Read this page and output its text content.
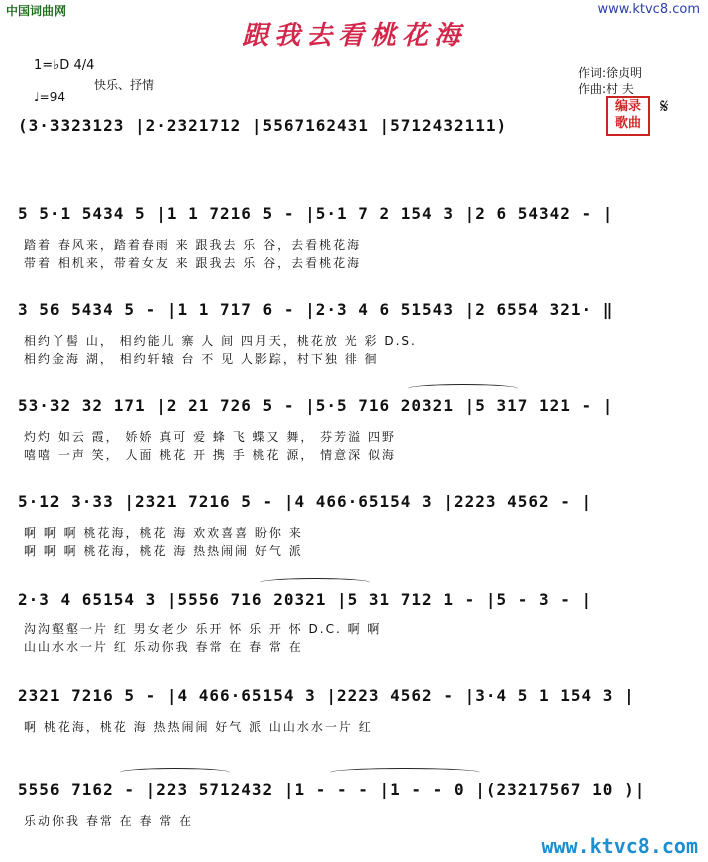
中国词曲网	www.ktvc8.com
跟我去看桃花海
1=♭D 4/4
♩=94
快乐、抒情
作词:徐贞明
作曲:村 夫
编录 歌曲
𝄋
(3·3323123 |2·2321712 |5567162431 |5712432111)
5 5·1 5434 5 |1 1 7216 5 - |5·1 7 2 154 3 |2 6 54342 - |
踏着 春风来，踏着春雨 来 跟我去 乐 谷，去看桃花海
带着 相机来，带着女友 来 跟我去 乐 谷，去看桃花海
3 56 5434 5 - |1 1 717 6 - |2·3 4 6 51543 |2 6554 321· ‖
相约丫髻 山， 相约能儿 寨 人 间 四月天，桃花放 光 彩 D.S.
相约金海 湖， 相约轩辕 台 不 见 人影踪，村下独 徘 徊
53·32 32 171 |2 21 726 5 - |5·5 716 20321 |5 317 121 - |
灼灼 如云 霞， 娇娇 真可 爱 蜂 飞 蝶又 舞， 芬芳溢 四野
嘻嘻 一声 笑， 人面 桃花 开 携 手 桃花 源， 情意深 似海
5·12 3·33 |2321 7216 5 - |4 466·65154 3 |2223 4562 - |
啊 啊 啊 桃花海，桃花 海 欢欢喜喜 盼你 来
啊 啊 啊 桃花海，桃花 海 热热闹闹 好气 派
2·3 4 65154 3 |5556 716 20321 |5 31 712 1 - |5 - 3 - |
沟沟壑壑一片 红 男女老少 乐开 怀 乐 开 怀 D.C. 啊 啊
山山水水一片 红 乐动你我 春常 在 春 常 在
2321 7216 5 - |4 466·65154 3 |2223 4562 - |3·4 5 1 154 3 |
啊 桃花海，桃花 海 热热闹闹 好气 派 山山水水一片 红
5556 7162 - |223 5712432 |1 - - - |1 - - 0 |(23217567 10 )|
乐动你我 春常 在 春 常 在
www.ktvc8.com
